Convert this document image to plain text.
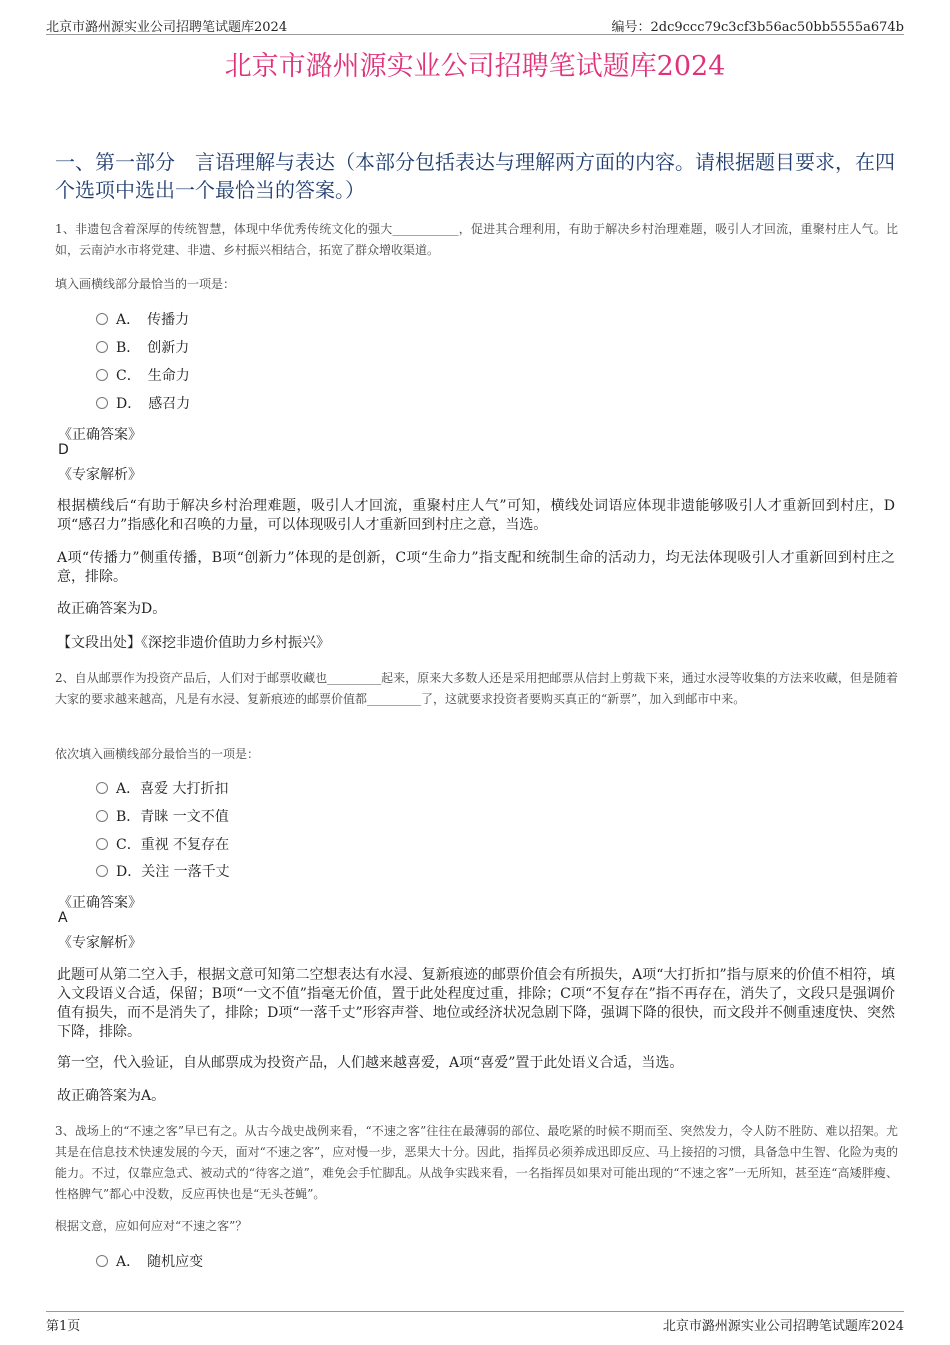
北京市潞州源实业公司招聘笔试题库2024	编号：2dc9ccc79c3cf3b56ac50bb5555a674b
北京市潞州源实业公司招聘笔试题库2024
一、第一部分　言语理解与表达（本部分包括表达与理解两方面的内容。请根据题目要求，在四个选项中选出一个最恰当的答案。）
1、非遗包含着深厚的传统智慧，体现中华优秀传统文化的强大___________，促进其合理利用，有助于解决乡村治理难题，吸引人才回流，重聚村庄人气。比如，云南泸水市将党建、非遗、乡村振兴相结合，拓宽了群众增收渠道。
填入画横线部分最恰当的一项是：
A．　传播力
B．　创新力
C．　生命力
D．　感召力
《正确答案》
D
《专家解析》
根据横线后“有助于解决乡村治理难题，吸引人才回流，重聚村庄人气”可知，横线处词语应体现非遗能够吸引人才重新回到村庄，D项“感召力”指感化和召唤的力量，可以体现吸引人才重新回到村庄之意，当选。
A项“传播力”侧重传播，B项“创新力”体现的是创新，C项“生命力”指支配和统制生命的活动力，均无法体现吸引人才重新回到村庄之意，排除。
故正确答案为D。
【文段出处】《深挖非遗价值助力乡村振兴》
2、自从邮票作为投资产品后，人们对于邮票收藏也_________起来，原来大多数人还是采用把邮票从信封上剪裁下来，通过水浸等收集的方法来收藏，但是随着大家的要求越来越高，凡是有水浸、复新痕迹的邮票价值都_________了，这就要求投资者要购买真正的“新票”，加入到邮市中来。
依次填入画横线部分最恰当的一项是：
A．喜爱 大打折扣
B．青睐 一文不值
C．重视 不复存在
D．关注 一落千丈
《正确答案》
A
《专家解析》
此题可从第二空入手，根据文意可知第二空想表达有水浸、复新痕迹的邮票价值会有所损失，A项“大打折扣”指与原来的价值不相符，填入文段语义合适，保留；B项“一文不值”指毫无价值，置于此处程度过重，排除；C项“不复存在”指不再存在，消失了，文段只是强调价值有损失，而不是消失了，排除；D项“一落千丈”形容声誉、地位或经济状况急剧下降，强调下降的很快，而文段并不侧重速度快、突然下降，排除。
第一空，代入验证，自从邮票成为投资产品，人们越来越喜爱，A项“喜爱”置于此处语义合适，当选。
故正确答案为A。
3、战场上的“不速之客”早已有之。从古今战史战例来看，“不速之客”往往在最薄弱的部位、最吃紧的时候不期而至、突然发力，令人防不胜防、难以招架。尤其是在信息技术快速发展的今天，面对“不速之客”，应对慢一步，恶果大十分。因此，指挥员必须养成迅即反应、马上接招的习惯，具备急中生智、化险为夷的能力。不过，仅靠应急式、被动式的“待客之道”，难免会手忙脚乱。从战争实践来看，一名指挥员如果对可能出现的“不速之客”一无所知，甚至连“高矮胖瘦、性格脾气”都心中没数，反应再快也是“无头苍蝇”。
根据文意，应如何应对“不速之客”？
A．　随机应变
第1页	北京市潞州源实业公司招聘笔试题库2024
